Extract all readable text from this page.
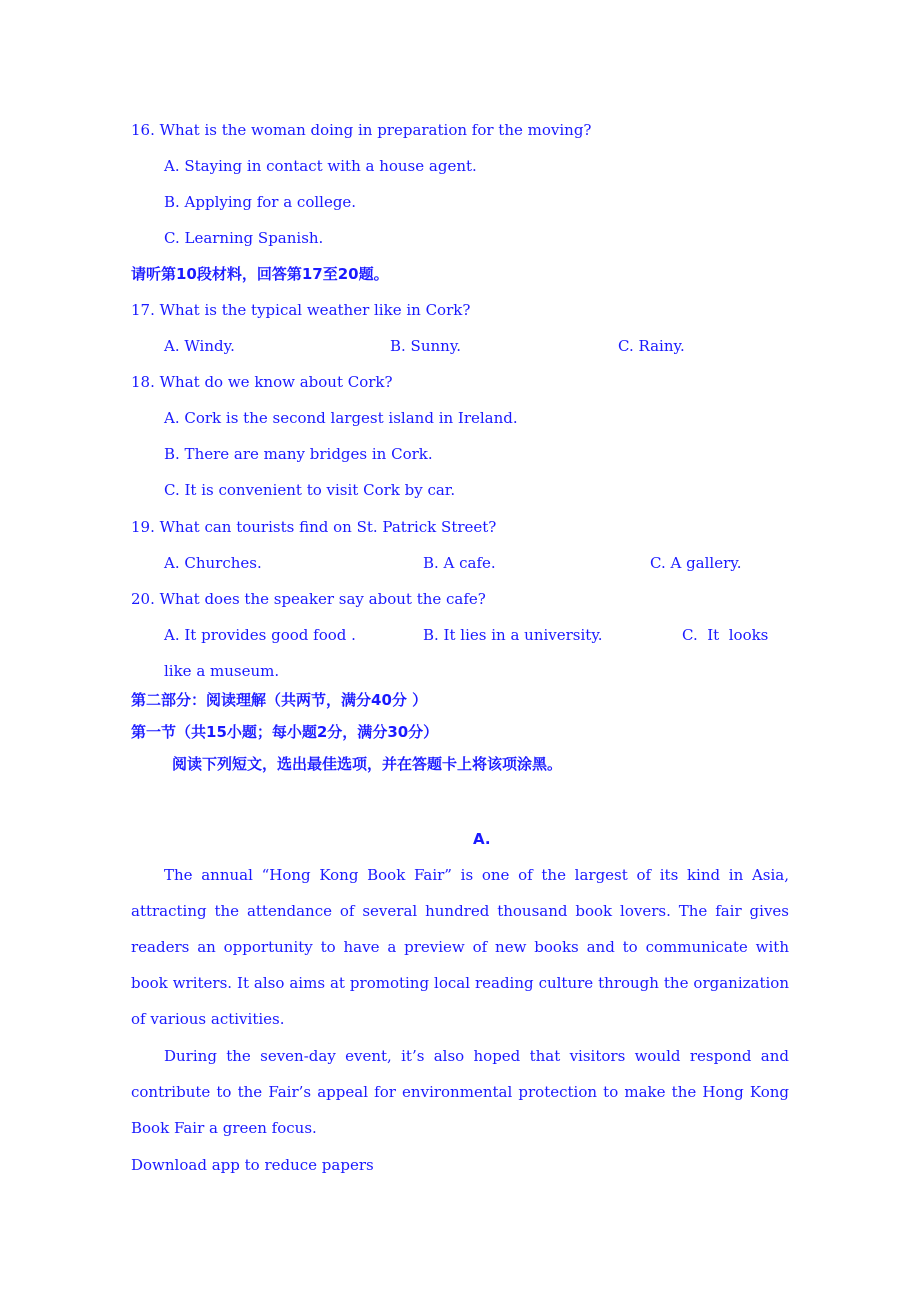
16. What is the woman doing in preparation for the moving?
A. Staying in contact with a house agent.
B. Applying for a college.
C. Learning Spanish.
请听第10段材料，回答第17至20题。
17. What is the typical weather like in Cork?
A. Windy.	B. Sunny.	C. Rainy.
18. What do we know about Cork?
A. Cork is the second largest island in Ireland.
B. There are many bridges in Cork.
C. It is convenient to visit Cork by car.
19. What can tourists find on St. Patrick Street?
A. Churches.	B. A cafe.	C. A gallery.
20. What does the speaker say about the cafe?
A. It provides good food .	B. It lies in a university.	C.  It  looks
like a museum.
第二部分：阅读理解（共两节，满分40分 ）
第一节（共15小题；每小题2分，满分30分）
阅读下列短文，选出最佳选项，并在答题卡上将该项涂黑。
A.
The annual “Hong Kong Book Fair” is one of the largest of its kind in Asia, attracting the attendance of several hundred thousand book lovers. The fair gives readers an opportunity to have a preview of new books and to communicate with book writers. It also aims at promoting local reading culture through the organization of various activities.
During the seven-day event, it’s also hoped that visitors would respond and contribute to the Fair’s appeal for environmental protection to make the Hong Kong Book Fair a green focus.
Download app to reduce papers
